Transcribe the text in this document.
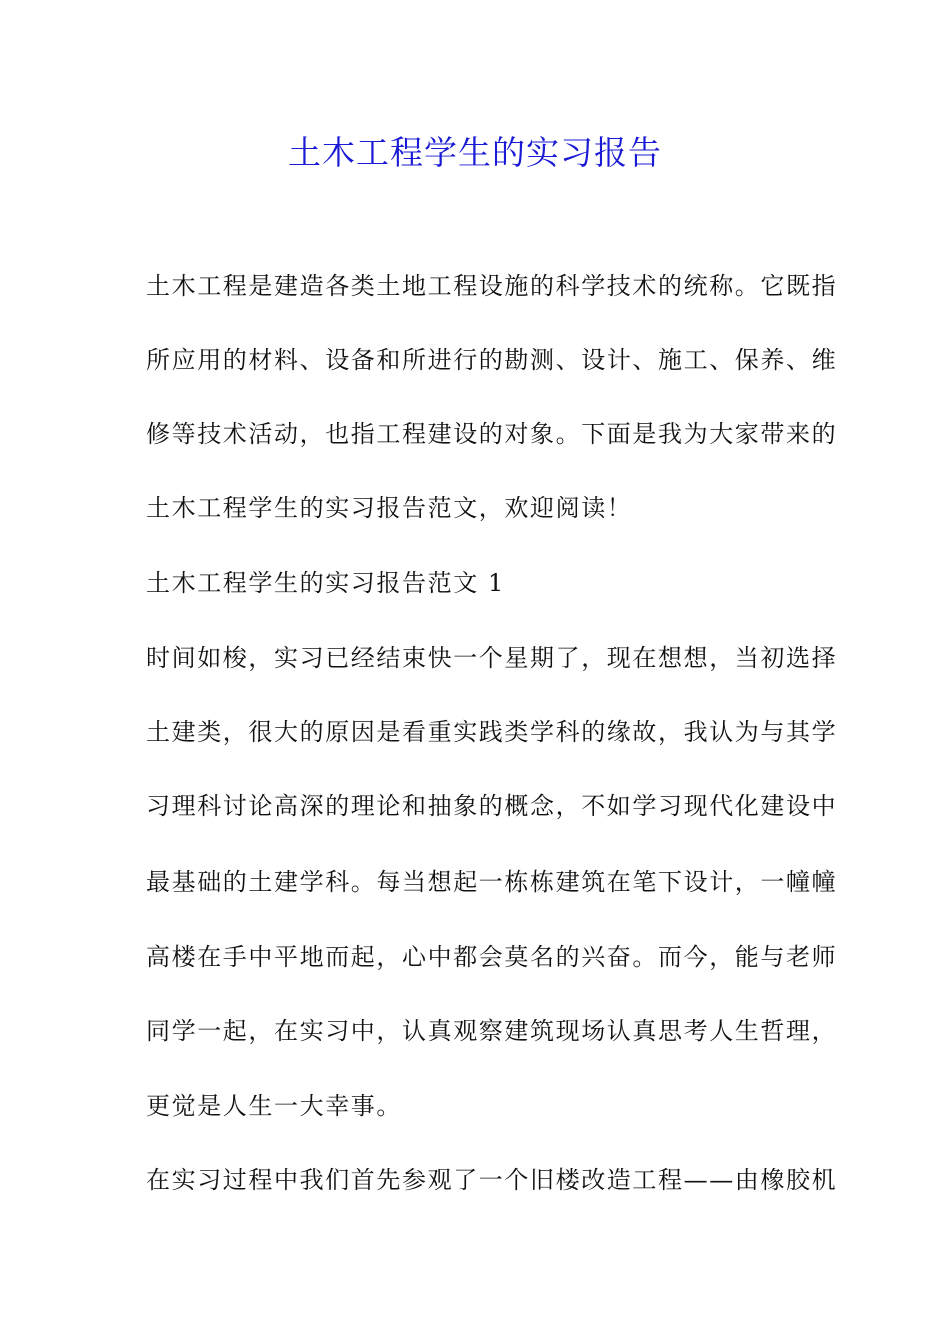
土木工程学生的实习报告
土木工程是建造各类土地工程设施的科学技术的统称。它既指
所应用的材料、设备和所进行的勘测、设计、施工、保养、维
修等技术活动，也指工程建设的对象。下面是我为大家带来的
土木工程学生的实习报告范文，欢迎阅读！
土木工程学生的实习报告范文 1
时间如梭，实习已经结束快一个星期了，现在想想，当初选择
土建类，很大的原因是看重实践类学科的缘故，我认为与其学
习理科讨论高深的理论和抽象的概念，不如学习现代化建设中
最基础的土建学科。每当想起一栋栋建筑在笔下设计，一幢幢
高楼在手中平地而起，心中都会莫名的兴奋。而今，能与老师
同学一起，在实习中，认真观察建筑现场认真思考人生哲理，
更觉是人生一大幸事。
在实习过程中我们首先参观了一个旧楼改造工程——由橡胶机
